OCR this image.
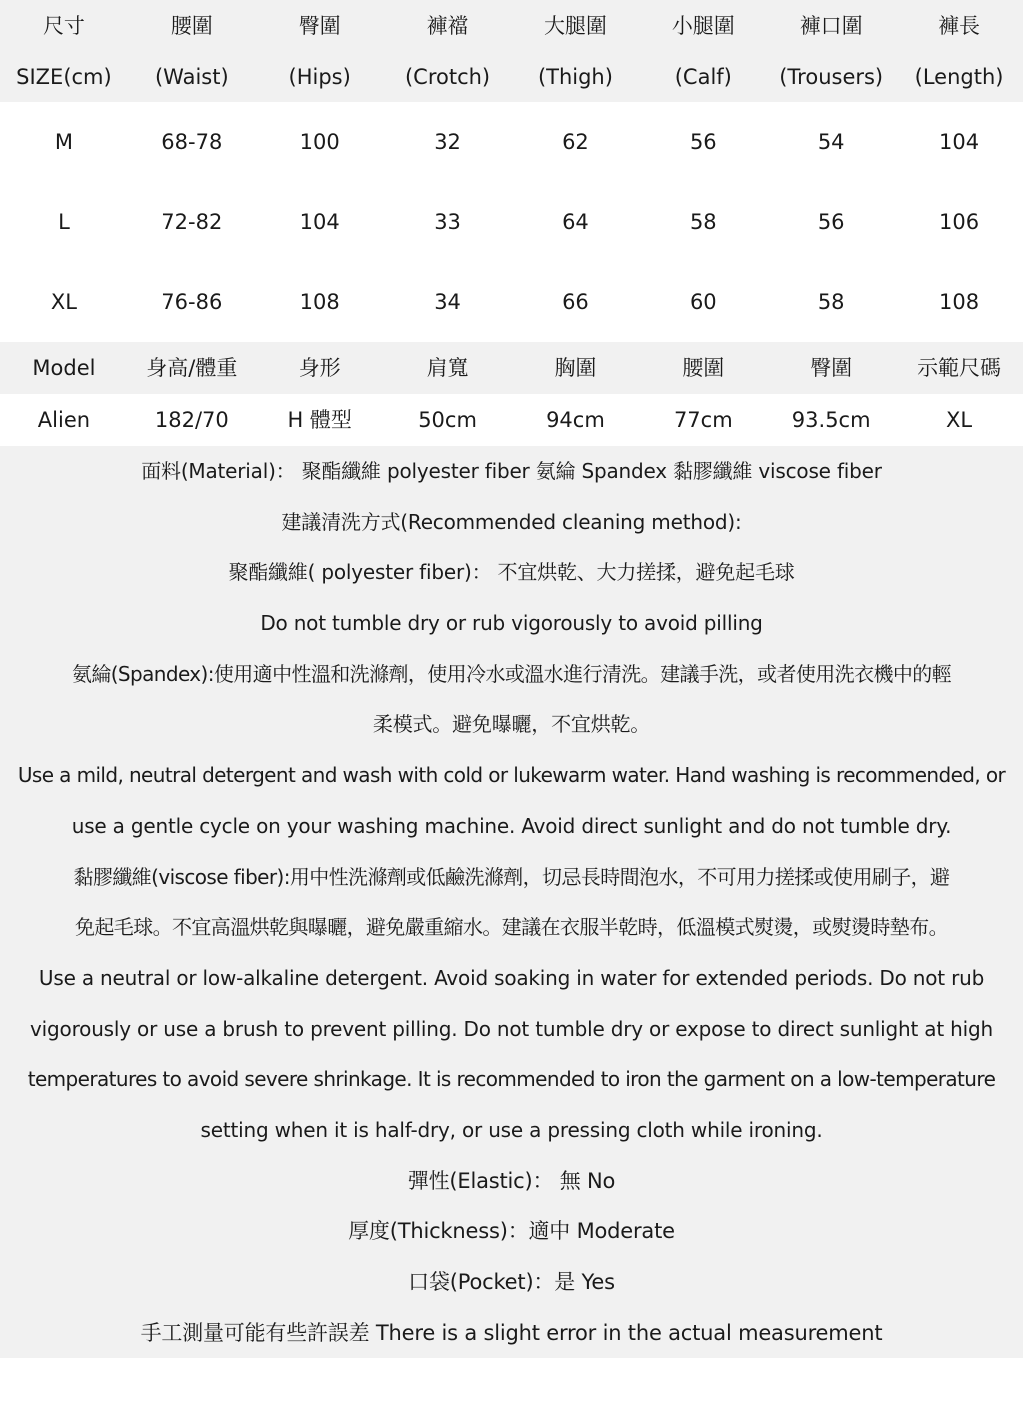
尺寸	腰圍	臀圍	褲襠	大腿圍	小腿圍	褲口圍	褲長
SIZE(cm)	(Waist)	(Hips)	(Crotch)	(Thigh)	(Calf)	(Trousers)	(Length)
M	68-78	100	32	62	56	54	104
L	72-82	104	33	64	58	56	106
XL	76-86	108	34	66	60	58	108
Model	身高/體重	身形	肩寬	胸圍	腰圍	臀圍	示範尺碼
Alien	182/70	H 體型	50cm	94cm	77cm	93.5cm	XL
面料(Material)： 聚酯纖維 polyester fiber 氨綸 Spandex 黏膠纖維 viscose fiber
建議清洗方式(Recommended cleaning method):
聚酯纖維( polyester fiber)： 不宜烘乾、大力搓揉，避免起毛球
Do not tumble dry or rub vigorously to avoid pilling
氨綸(Spandex):使用適中性溫和洗滌劑，使用冷水或溫水進行清洗。建議手洗，或者使用洗衣機中的輕
柔模式。避免曝曬，不宜烘乾。
Use a mild, neutral detergent and wash with cold or lukewarm water. Hand washing is recommended, or
use a gentle cycle on your washing machine. Avoid direct sunlight and do not tumble dry.
黏膠纖維(viscose fiber):用中性洗滌劑或低鹼洗滌劑，切忌長時間泡水，不可用力搓揉或使用刷子，避
免起毛球。不宜高溫烘乾與曝曬，避免嚴重縮水。建議在衣服半乾時，低溫模式熨燙，或熨燙時墊布。
Use a neutral or low-alkaline detergent. Avoid soaking in water for extended periods. Do not rub
vigorously or use a brush to prevent pilling. Do not tumble dry or expose to direct sunlight at high
temperatures to avoid severe shrinkage. It is recommended to iron the garment on a low-temperature
setting when it is half-dry, or use a pressing cloth while ironing.
彈性(Elastic)： 無 No
厚度(Thickness)：適中 Moderate
口袋(Pocket)：是 Yes
手工測量可能有些許誤差 There is a slight error in the actual measurement
